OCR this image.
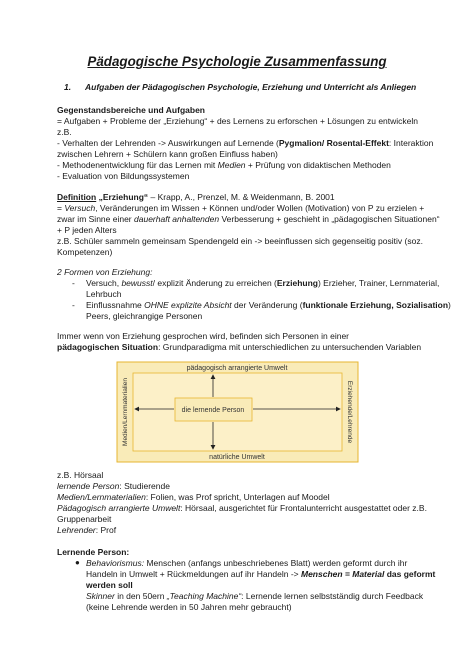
Pädagogische Psychologie Zusammenfassung
1. Aufgaben der Pädagogischen Psychologie, Erziehung und Unterricht als Anliegen
Gegenstandsbereiche und Aufgaben
= Aufgaben + Probleme der „Erziehung“ + des Lernens zu erforschen + Lösungen zu entwickeln
z.B.
- Verhalten der Lehrenden -> Auswirkungen auf Lernende (Pygmalion/ Rosental-Effekt: Interaktion
zwischen Lehrern + Schülern kann großen Einfluss haben)
- Methodenentwicklung für das Lernen mit Medien + Prüfung von didaktischen Methoden
- Evaluation von Bildungssystemen
Definition „Erziehung“ – Krapp, A., Prenzel, M. & Weidenmann, B. 2001
= Versuch, Veränderungen im Wissen + Können und/oder Wollen (Motivation) von P zu erzielen +
zwar im Sinne einer dauerhaft anhaltenden Verbesserung + geschieht in „pädagogischen Situationen“
+ P jeden Alters
z.B. Schüler sammeln gemeinsam Spendengeld ein -> beeinflussen sich gegenseitig positiv (soz.
Kompetenzen)
2 Formen von Erziehung:
- Versuch, bewusst/ explizit Änderung zu erreichen (Erziehung) Erzieher, Trainer, Lernmaterial,
Lehrbuch
- Einflussnahme OHNE explizite Absicht der Veränderung (funktionale Erziehung, Sozialisation)
Peers, gleichrangige Personen
Immer wenn von Erziehung gesprochen wird, befinden sich Personen in einer
pädagogischen Situation: Grundparadigma mit unterschiedlichen zu untersuchenden Variablen
pädagogisch arrangierte Umwelt
natürliche Umwelt
Medien/Lernmaterialien	Erziehende/Lehrende
die lernende Person
z.B. Hörsaal
lernende Person: Studierende
Medien/Lernmaterialien: Folien, was Prof spricht, Unterlagen auf Moodel
Pädagogisch arrangierte Umwelt: Hörsaal, ausgerichtet für Frontalunterricht ausgestattet oder z.B.
Gruppenarbeit
Lehrender: Prof
Lernende Person:
● Behaviorismus: Menschen (anfangs unbeschriebenes Blatt) werden geformt durch ihr
Handeln in Umwelt + Rückmeldungen auf ihr Handeln -> Menschen = Material das geformt
werden soll
Skinner in den 50ern „Teaching Machine“: Lernende lernen selbstständig durch Feedback
(keine Lehrende werden in 50 Jahren mehr gebraucht)
